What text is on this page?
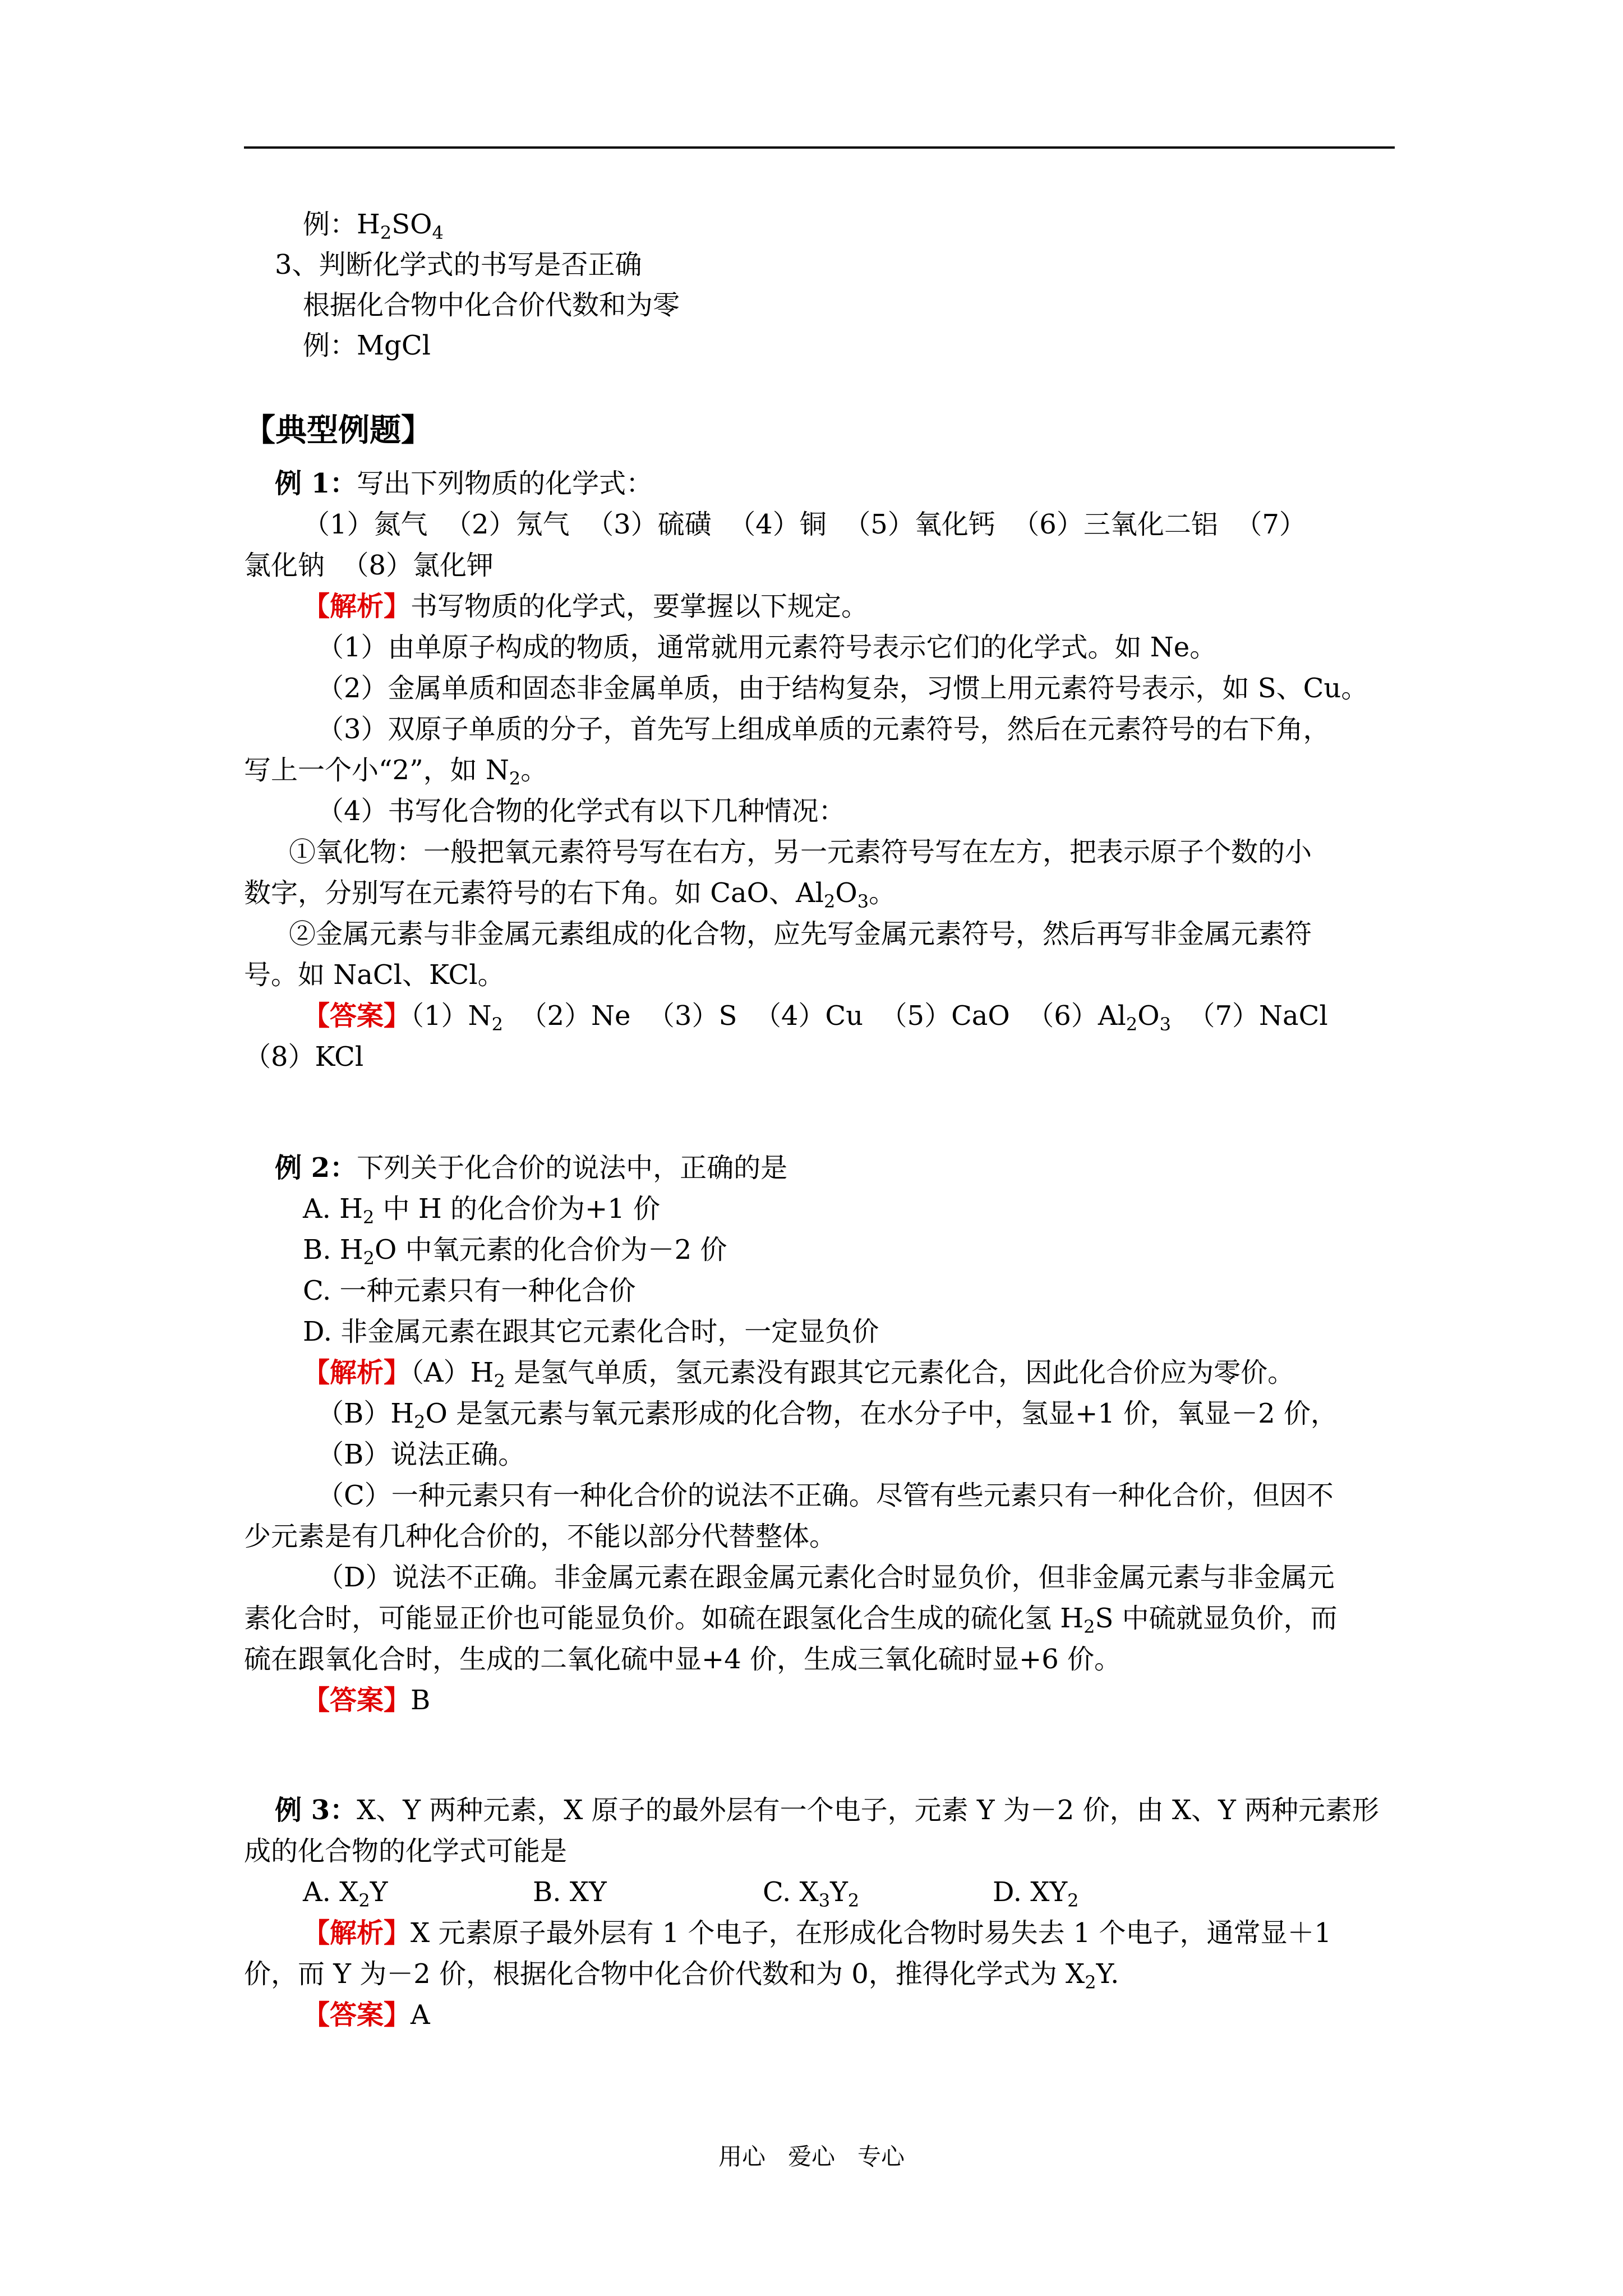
例：$H_2SO_4$
3、判断化学式的书写是否正确
根据化合物中化合价代数和为零
例：MgCl
【典型例题】
例 1：写出下列物质的化学式：
（1）氮气  （2）氖气  （3）硫磺  （4）铜  （5）氧化钙  （6）三氧化二铝  （7）
氯化钠  （8）氯化钾
【解析】书写物质的化学式，要掌握以下规定。
（1）由单原子构成的物质，通常就用元素符号表示它们的化学式。如 Ne。
（2）金属单质和固态非金属单质，由于结构复杂，习惯上用元素符号表示，如 S、Cu。
（3）双原子单质的分子，首先写上组成单质的元素符号，然后在元素符号的右下角，
写上一个小“2”，如 $N_2$。
（4）书写化合物的化学式有以下几种情况：
①氧化物：一般把氧元素符号写在右方，另一元素符号写在左方，把表示原子个数的小
数字，分别写在元素符号的右下角。如 CaO、$Al_2O_3$。
②金属元素与非金属元素组成的化合物，应先写金属元素符号，然后再写非金属元素符
号。如 NaCl、KCl。
【答案】$(1)N_2$  （2）Ne  （3）S  （4）Cu  （5）CaO  $(6)Al_2O_3$  （7）NaCl
（8）KCl
例 2：下列关于化合价的说法中，正确的是
A. $H_2$ 中 H 的化合价为+1 价
B. $H_2O$ 中氧元素的化合价为－2 价
C. 一种元素只有一种化合价
D. 非金属元素在跟其它元素化合时，一定显负价
【解析】$(A)H_2$ 是氢气单质，氢元素没有跟其它元素化合，因此化合价应为零价。
$(B)H_2O$ 是氢元素与氧元素形成的化合物，在水分子中，氢显+1 价，氧显－2 价，
（B）说法正确。
（C）一种元素只有一种化合价的说法不正确。尽管有些元素只有一种化合价，但因不
少元素是有几种化合价的，不能以部分代替整体。
（D）说法不正确。非金属元素在跟金属元素化合时显负价，但非金属元素与非金属元
素化合时，可能显正价也可能显负价。如硫在跟氢化合生成的硫化氢 $H_2S$ 中硫就显负价，而
硫在跟氧化合时，生成的二氧化硫中显+4 价，生成三氧化硫时显+6 价。
【答案】B
例 3：X、Y 两种元素，X 原子的最外层有一个电子，元素 Y 为－2 价，由 X、Y 两种元素形
成的化合物的化学式可能是
A. $X_2Y$	B. XY	C. $X_3Y_2$	D. $XY_2$
【解析】X 元素原子最外层有 1 个电子，在形成化合物时易失去 1 个电子，通常显＋1
价，而 Y 为－2 价，根据化合物中化合价代数和为 0，推得化学式为 $X_2Y$.
【答案】A
用心   爱心   专心
